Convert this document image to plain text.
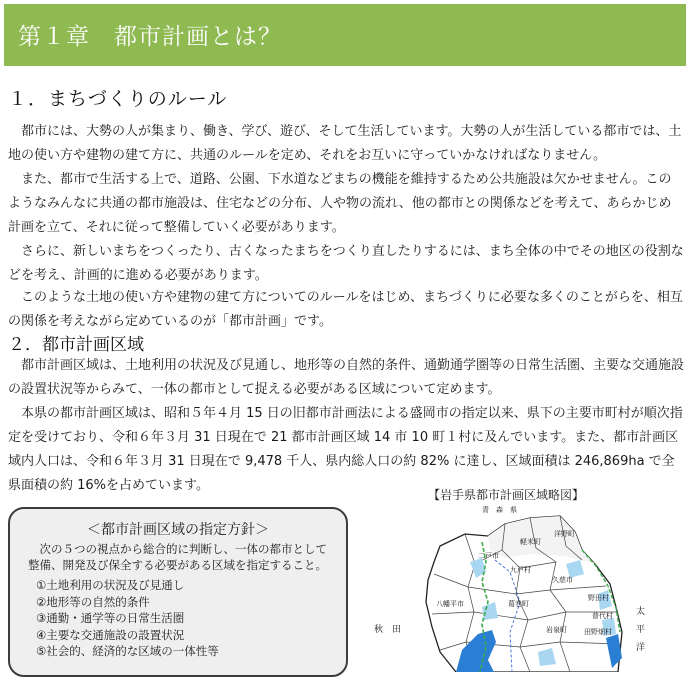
第１章　都市計画とは？
１．まちづくりのルール

都市には、大勢の人が集まり、働き、学び、遊び、そして生活しています。大勢の人が生活している都市では、土地の使い方や建物の建て方に、共通のルールを定め、それをお互いに守っていかなければなりません。

また、都市で生活する上で、道路、公園、下水道などまちの機能を維持するため公共施設は欠かせません。このようなみんなに共通の都市施設は、住宅などの分布、人や物の流れ、他の都市との関係などを考えて、あらかじめ計画を立て、それに従って整備していく必要があります。

さらに、新しいまちをつくったり、古くなったまちをつくり直したりするには、まち全体の中でその地区の役割などを考え、計画的に進める必要があります。

このような土地の使い方や建物の建て方についてのルールをはじめ、まちづくりに必要な多くのことがらを、相互の関係を考えながら定めているのが「都市計画」です。

２．都市計画区域

都市計画区域は、土地利用の状況及び見通し、地形等の自然的条件、通勤通学圏等の日常生活圏、主要な交通施設の設置状況等からみて、一体の都市として捉える必要がある区域について定めます。

本県の都市計画区域は、昭和５年４月 15 日の旧都市計画法による盛岡市の指定以来、県下の主要市町村が順次指定を受けており、令和６年３月 31 日現在で 21 都市計画区域 14 市 10 町１村に及んでいます。また、都市計画区域内人口は、令和６年３月 31 日現在で 9,478 千人、県内総人口の約 82% に達し、区域面積は 246,869ha で全県面積の約 16%を占めています。

＜都市計画区域の指定方針＞

次の５つの視点から総合的に判断し、一体の都市として整備、開発及び保全する必要がある区域を指定すること。

①土地利用の状況及び見通し
②地形等の自然的条件
③通勤・通学等の日常生活圏
④主要な交通施設の設置状況
⑤社会的、経済的な区域の一体性等
【岩手県都市計画区域略図】
青　森　県
秋　田
太平洋
二戸市
軽米町
洋野町
九戸村
久慈市
八幡平市	葛巻町
岩泉町
野田村
普代村
田野畑村
